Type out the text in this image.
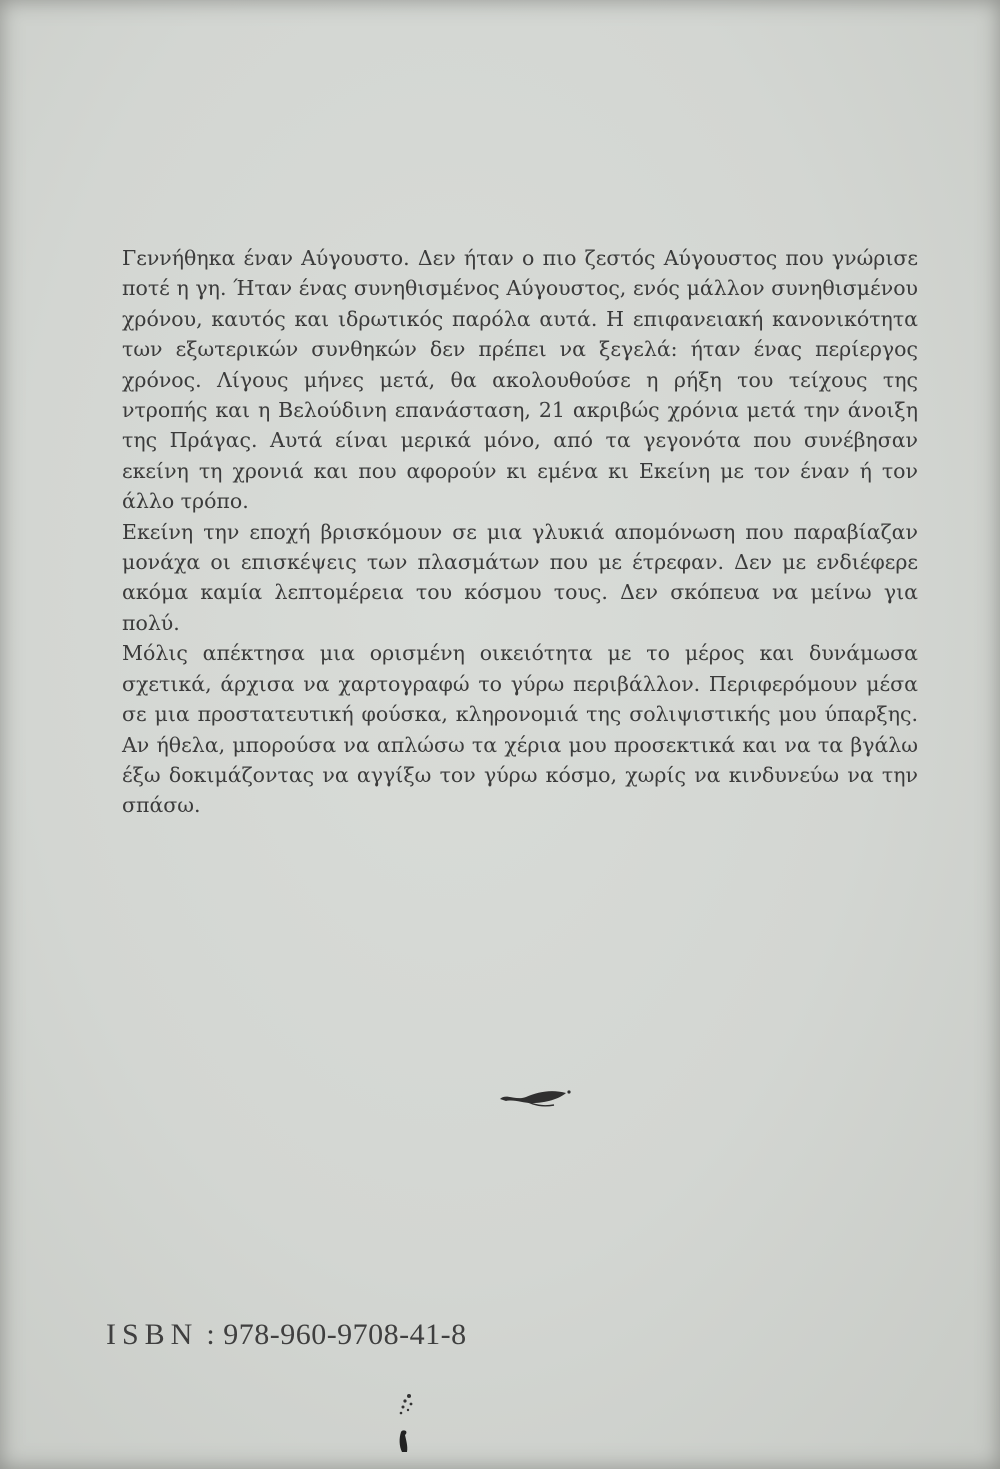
Γεννήθηκα έναν Αύγουστο. Δεν ήταν ο πιο ζεστός Αύγουστος που γνώρισε ποτέ η γη. Ήταν ένας συνηθισμένος Αύγουστος, ενός μάλλον συνηθισμένου χρόνου, καυτός και ιδρωτικός παρόλα αυτά. Η επιφανειακή κανονικότητα των εξωτερικών συνθηκών δεν πρέπει να ξεγελά: ήταν ένας περίεργος χρόνος. Λίγους μήνες μετά, θα ακολουθούσε η ρήξη του τείχους της ντροπής και η Βελούδινη επανάσταση, 21 ακριβώς χρόνια μετά την άνοιξη της Πράγας. Αυτά είναι μερικά μόνο, από τα γεγονότα που συνέβησαν εκείνη τη χρονιά και που αφορούν κι εμένα κι Εκείνη με τον έναν ή τον άλλο τρόπο.

Εκείνη την εποχή βρισκόμουν σε μια γλυκιά απομόνωση που παραβίαζαν μονάχα οι επισκέψεις των πλασμάτων που με έτρεφαν. Δεν με ενδιέφερε ακόμα καμία λεπτομέρεια του κόσμου τους. Δεν σκόπευα να μείνω για πολύ.

Μόλις απέκτησα μια ορισμένη οικειότητα με το μέρος και δυνάμωσα σχετικά, άρχισα να χαρτογραφώ το γύρω περιβάλλον. Περιφερόμουν μέσα σε μια προστατευτική φούσκα, κληρονομιά της σολιψιστικής μου ύπαρξης. Αν ήθελα, μπορούσα να απλώσω τα χέρια μου προσεκτικά και να τα βγάλω έξω δοκιμάζοντας να αγγίξω τον γύρω κόσμο, χωρίς να κινδυνεύω να την σπάσω.

ISBN : 978-960-9708-41-8
